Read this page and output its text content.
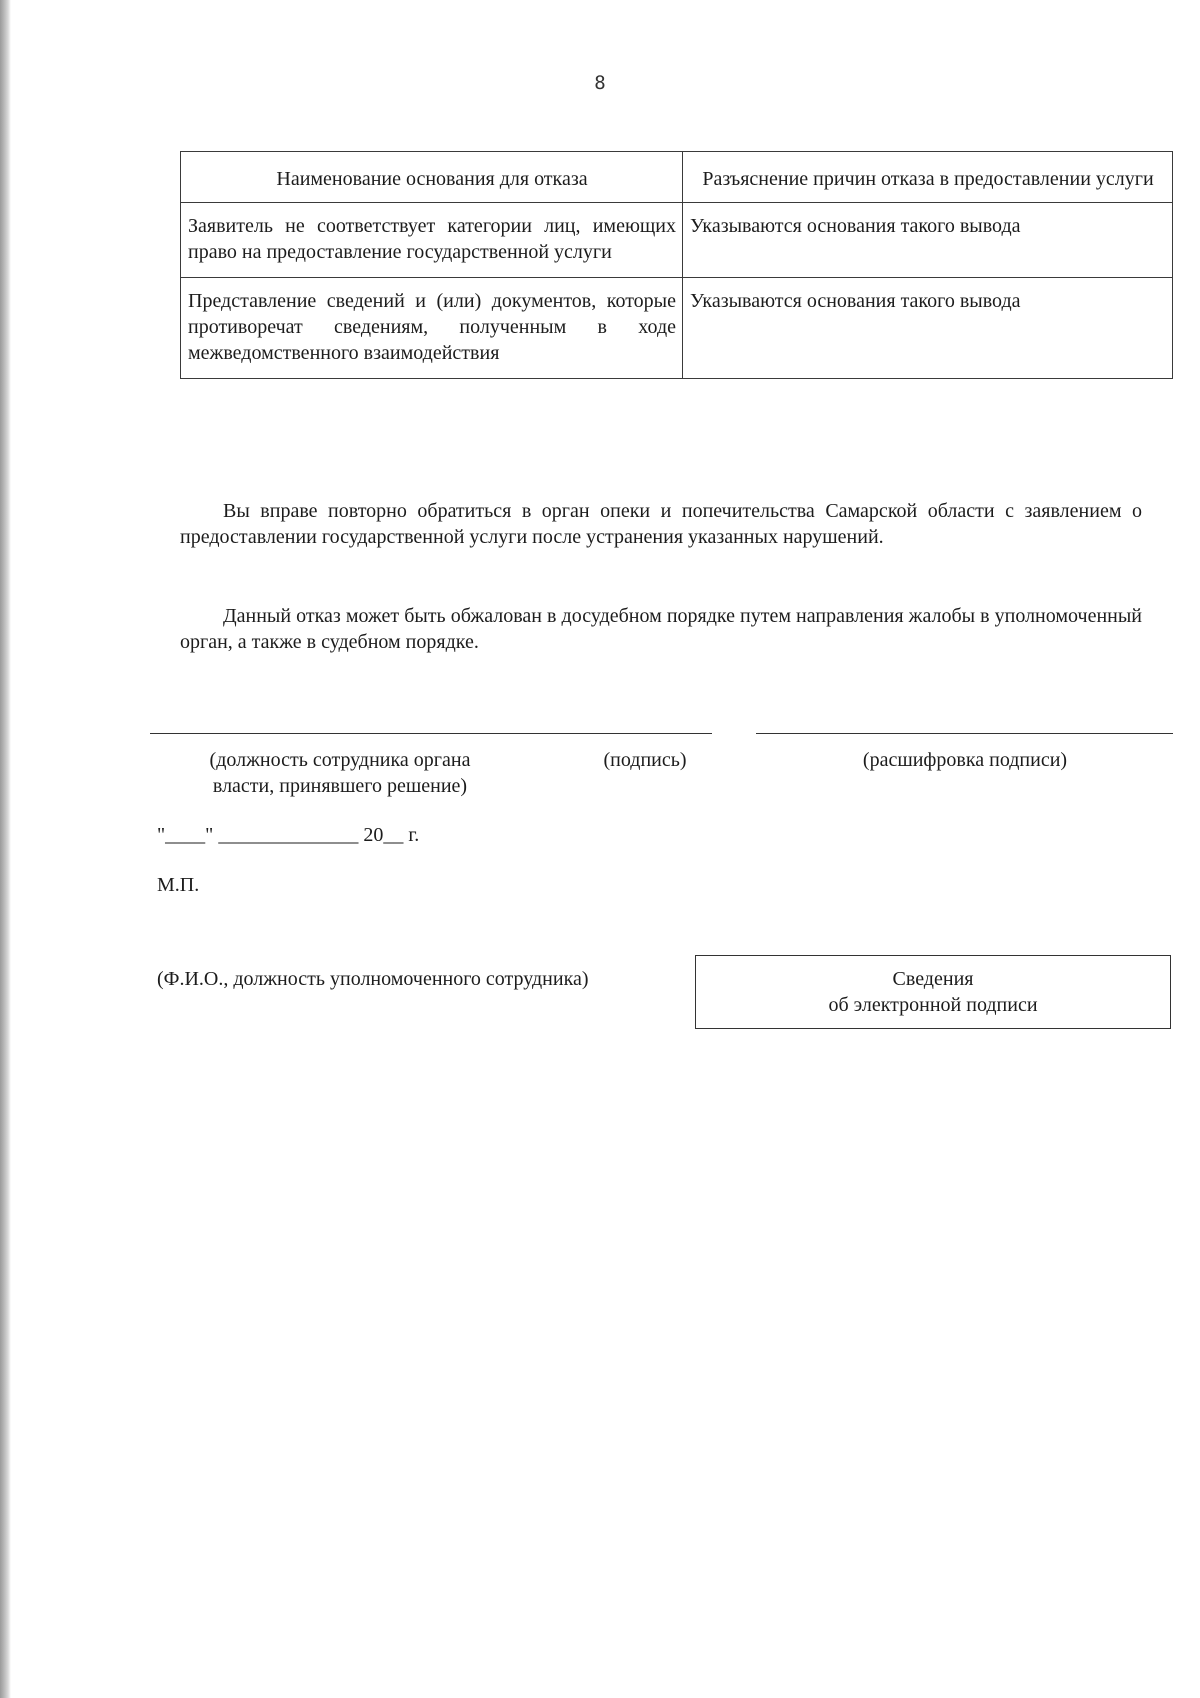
8
Наименование основания для отказа	Разъяснение причин отказа в предоставлении услуги
Заявитель не соответствует категории лиц, имеющих право на предоставление государственной услуги	Указываются основания такого вывода
Представление сведений и (или) документов, которые противоречат сведениям, полученным в ходе межведомственного взаимодействия	Указываются основания такого вывода

Вы вправе повторно обратиться в орган опеки и попечительства Самарской области с заявлением о предоставлении государственной услуги после устранения указанных нарушений.

Данный отказ может быть обжалован в досудебном порядке путем направления жалобы в уполномоченный орган, а также в судебном порядке.

(должность сотрудника органа
власти, принявшего решение)
(подпись)	(расшифровка подписи)
"____" ______________ 20__ г.
М.П.
(Ф.И.О., должность уполномоченного сотрудника)	Сведения
об электронной подписи
